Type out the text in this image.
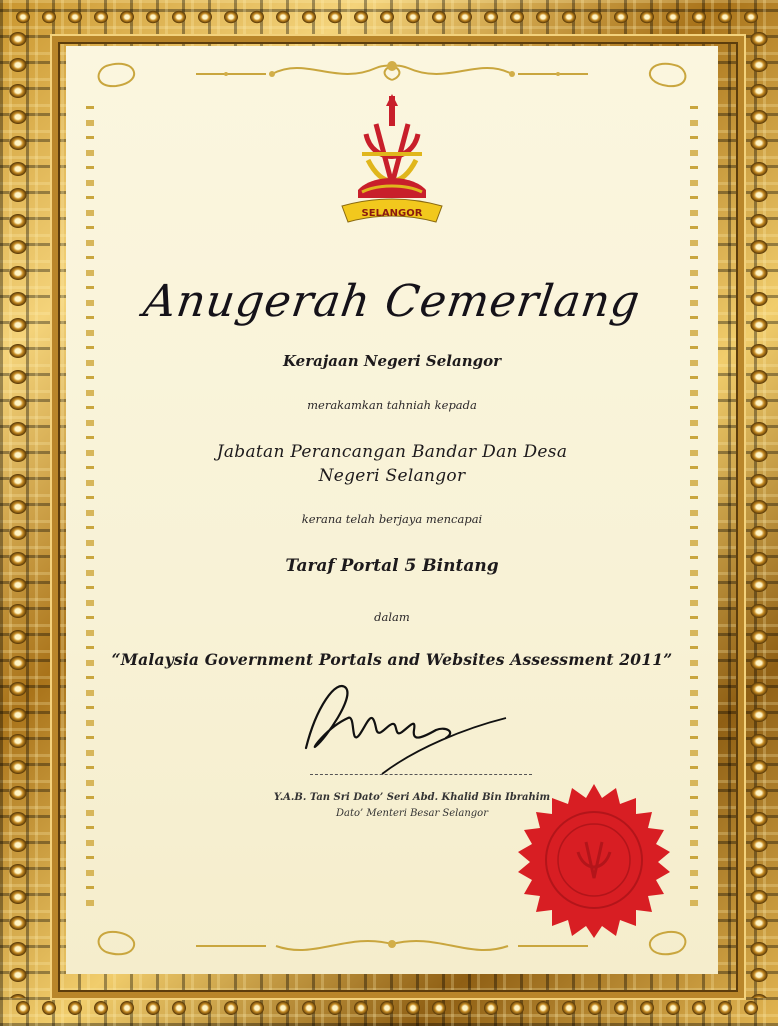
SELANGOR
Anugerah Cemerlang
Kerajaan Negeri Selangor
merakamkan tahniah kepada
Jabatan Perancangan Bandar Dan Desa
Negeri Selangor
kerana telah berjaya mencapai
Taraf Portal 5 Bintang
dalam
“Malaysia Government Portals and Websites Assessment 2011”
Y.A.B. Tan Sri Dato’ Seri Abd. Khalid Bin Ibrahim
Dato’ Menteri Besar Selangor
